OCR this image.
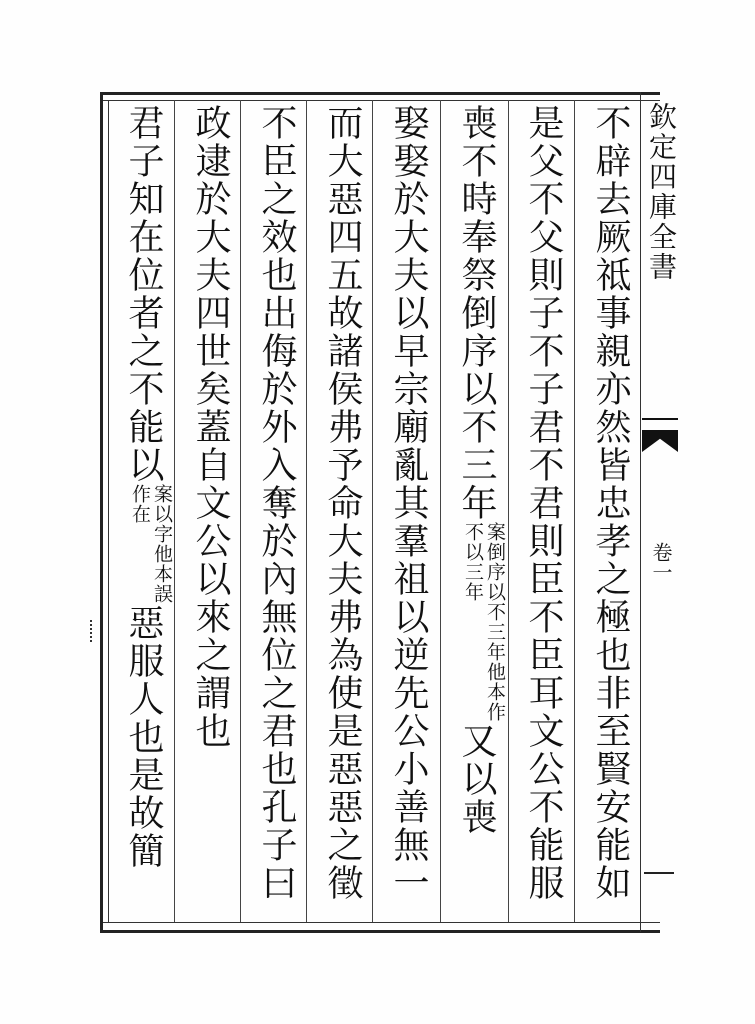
不辟去厥祗事親亦然皆忠孝之極也非至賢安能如
是父不父則子不子君不君則臣不臣耳文公不能服
喪不時奉祭倒序以不三年案倒序以不三年他本作不以三年又以喪
娶娶於大夫以早宗廟亂其羣祖以逆先公小善無一
而大惡四五故諸侯弗予命大夫弗為使是惡惡之徵
不臣之效也出侮於外入奪於內無位之君也孔子曰
政逮於大夫四世矣蓋自文公以來之謂也
君子知在位者之不能以案以字他本誤作在惡服人也是故簡
欽定四庫全書
卷一
